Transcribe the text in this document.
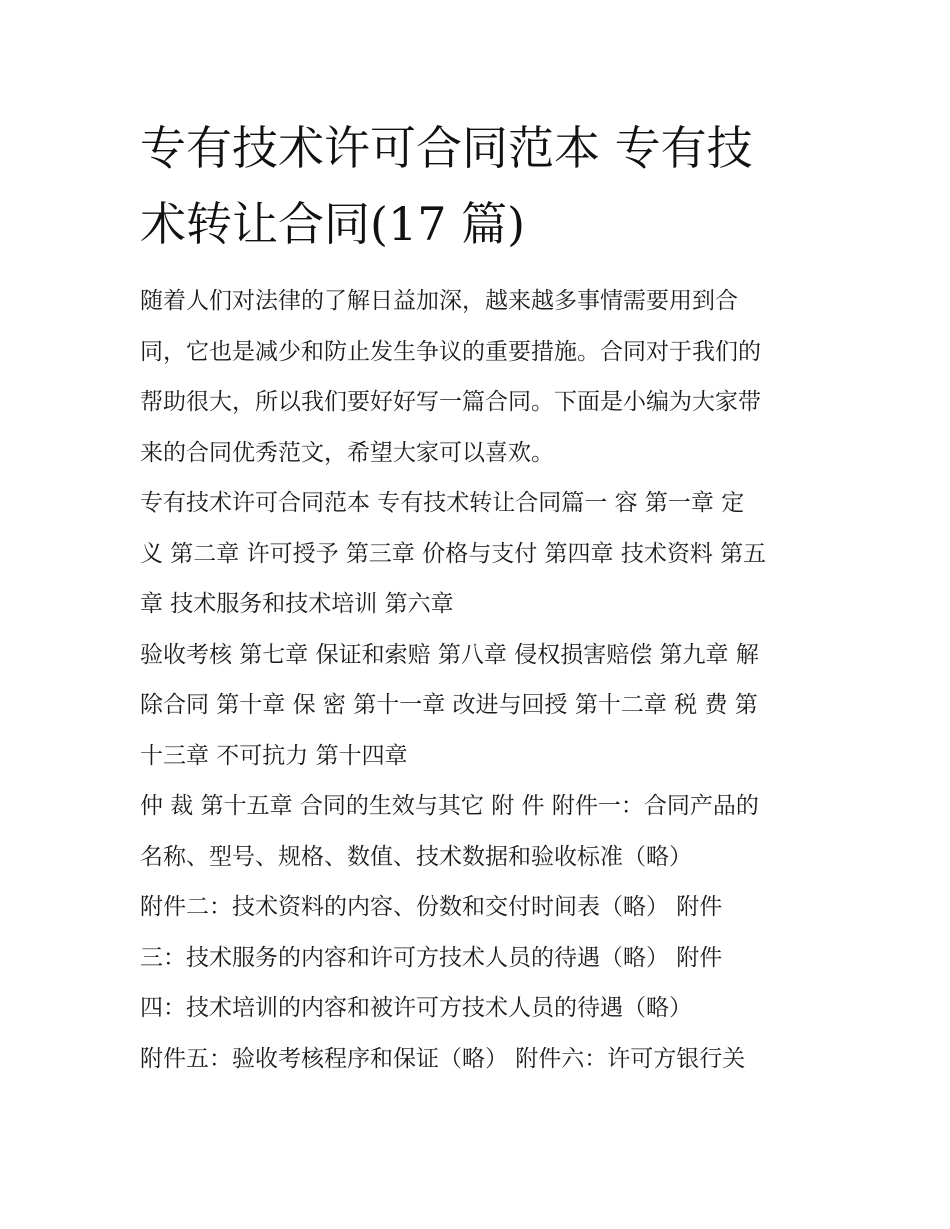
专有技术许可合同范本 专有技
术转让合同(17 篇)
随着人们对法律的了解日益加深，越来越多事情需要用到合
同，它也是减少和防止发生争议的重要措施。合同对于我们的
帮助很大，所以我们要好好写一篇合同。下面是小编为大家带
来的合同优秀范文，希望大家可以喜欢。
专有技术许可合同范本 专有技术转让合同篇一 容 第一章 定
义 第二章 许可授予 第三章 价格与支付 第四章 技术资料 第五
章 技术服务和技术培训 第六章
验收考核 第七章 保证和索赔 第八章 侵权损害赔偿 第九章 解
除合同 第十章 保 密 第十一章 改进与回授 第十二章 税 费 第
十三章 不可抗力 第十四章
仲 裁 第十五章 合同的生效与其它 附 件 附件一：合同产品的
名称、型号、规格、数值、技术数据和验收标准（略）
附件二：技术资料的内容、份数和交付时间表（略） 附件
三：技术服务的内容和许可方技术人员的待遇（略） 附件
四：技术培训的内容和被许可方技术人员的待遇（略）
附件五：验收考核程序和保证（略） 附件六：许可方银行关
